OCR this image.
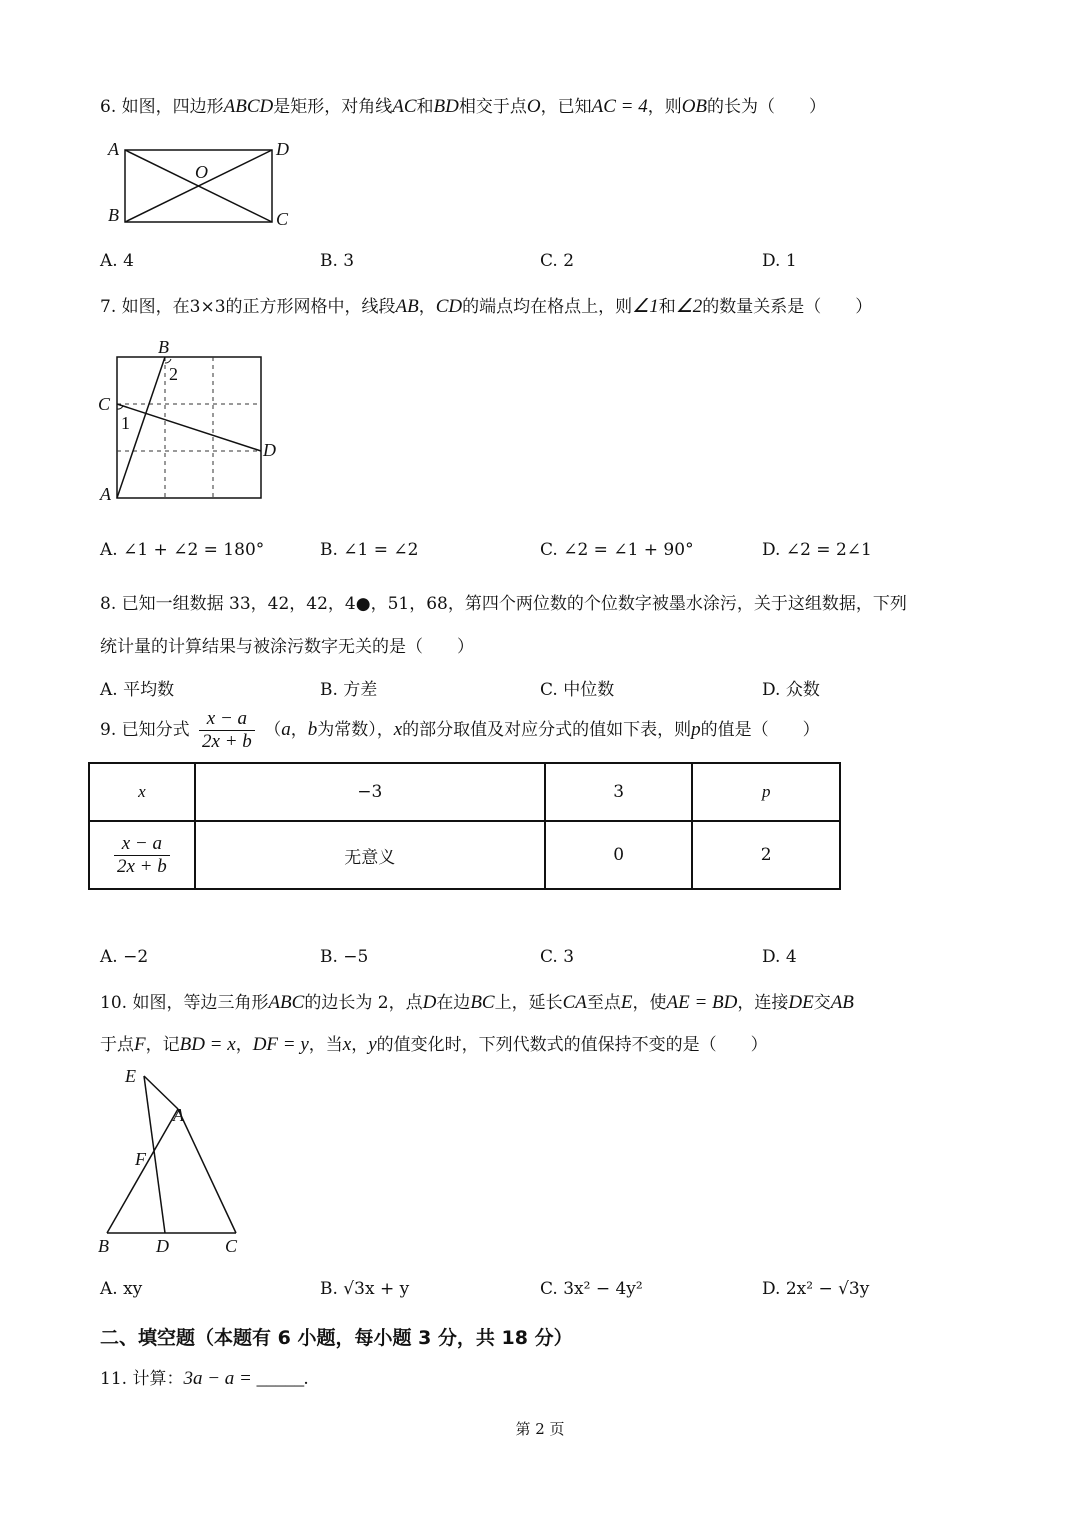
6. 如图，四边形ABCD是矩形，对角线AC和BD相交于点O，已知AC = 4，则OB的长为（　　）
A	D
B	C
O
A. 4	B. 3	C. 2	D. 1
7. 如图，在3×3的正方形网格中，线段AB，CD的端点均在格点上，则∠1和∠2的数量关系是（　　）
B
C
D
A
1
2
A. ∠1 + ∠2 = 180°	B. ∠1 = ∠2	C. ∠2 = ∠1 + 90°	D. ∠2 = 2∠1
8. 已知一组数据 33，42，42，4●，51，68，第四个两位数的个位数字被墨水涂污，关于这组数据，下列
统计量的计算结果与被涂污数字无关的是（　　）
A. 平均数	B. 方差	C. 中位数	D. 众数
9. 已知分式 $\frac{x - a}{2x + b} (a$，b为常数），x的部分取值及对应分式的值如下表，则p的值是（　　）
x	−3	3	p

$\frac{x - a}{2x + b}$	无意义	0	2
A. −2	B. −5	C. 3	D. 4
10. 如图，等边三角形ABC的边长为 2，点D在边BC上，延长CA至点E，使AE = BD，连接DE交AB
于点F，记BD = x，DF = y，当x，y的值变化时，下列代数式的值保持不变的是（　　）
E
A
F
B	D	C
A. xy	B. √3x + y	C. 3x² − 4y²	D. 2x² − √3y
二、填空题（本题有 6 小题，每小题 3 分，共 18 分）
11. 计算：3a − a = _____.
第 2 页
